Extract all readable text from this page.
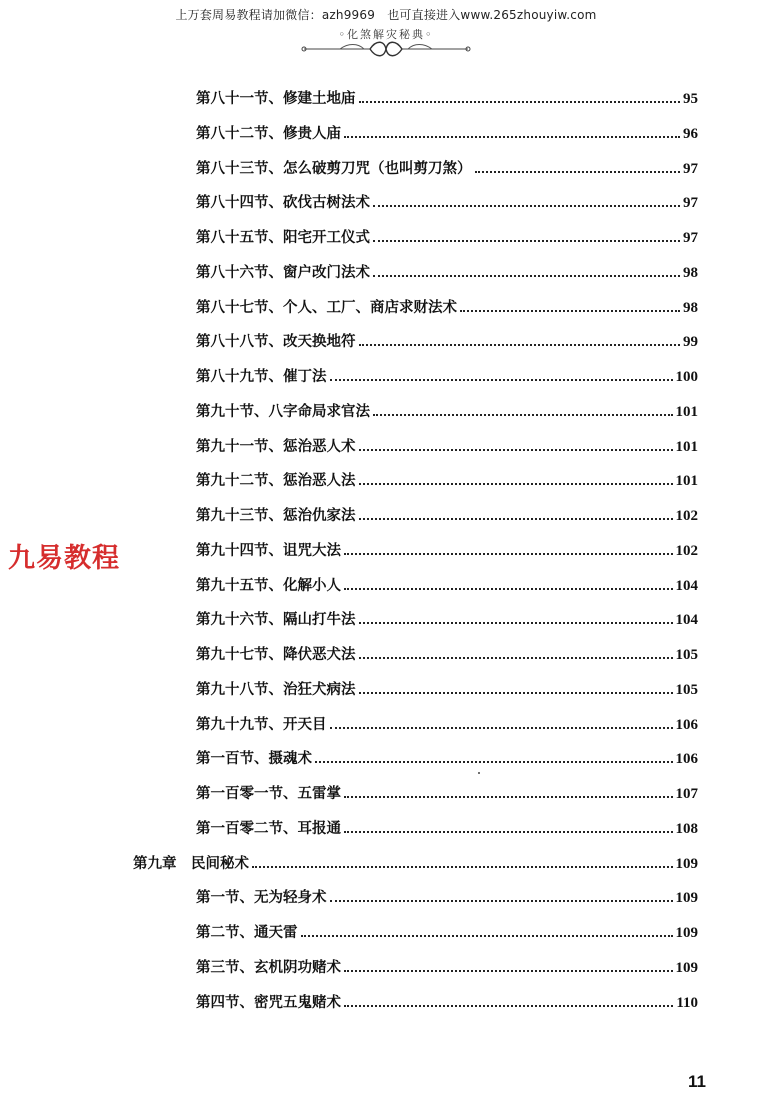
上万套周易教程请加微信：azh9969　也可直接进入www.265zhouyiw.com
◦化煞解灾秘典◦
九易教程
第八十一节、修建土地庙	95
第八十二节、修贵人庙	96
第八十三节、怎么破剪刀咒（也叫剪刀煞）	97
第八十四节、砍伐古树法术	97
第八十五节、阳宅开工仪式	97
第八十六节、窗户改门法术	98
第八十七节、个人、工厂、商店求财法术	98
第八十八节、改天换地符	99
第八十九节、催丁法	100
第九十节、八字命局求官法	101
第九十一节、惩治恶人术	101
第九十二节、惩治恶人法	101
第九十三节、惩治仇家法	102
第九十四节、诅咒大法	102
第九十五节、化解小人	104
第九十六节、隔山打牛法	104
第九十七节、降伏恶犬法	105
第九十八节、治狂犬病法	105
第九十九节、开天目	106
第一百节、摄魂术	106
第一百零一节、五雷掌	107
第一百零二节、耳报通	108
第九章　民间秘术	109
第一节、无为轻身术	109
第二节、通天雷	109
第三节、玄机阴功赌术	109
第四节、密咒五鬼赌术	110
11
